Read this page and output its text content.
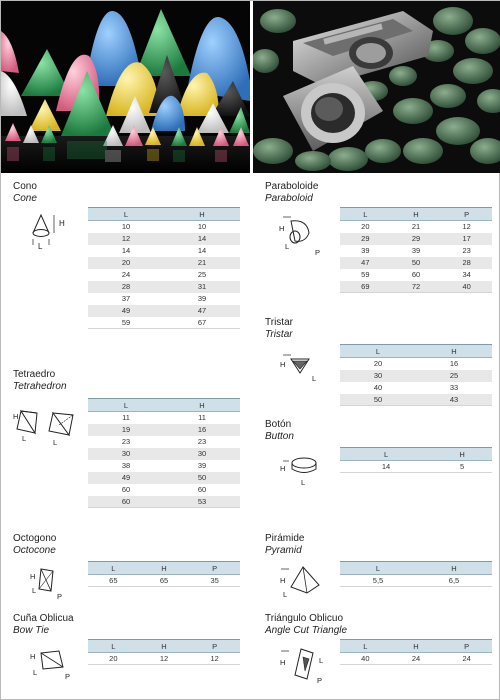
Cono
Cone
H
L
L	H
10	10
12	14
14	14
20	21
24	25
28	31
37	39
49	47
59	67
Tetraedro
Tetrahedron
H
L	L
L	H
11	11
19	16
23	23
30	30
38	39
49	50
60	60
60	53
Octogono
Octocone
H
L
P
L	H	P
65	65	35
Cuña Oblicua
Bow Tie
H
L	P
L	H	P
20	12	12
Paraboloide
Paraboloid
H
L
P
L	H	P
20	21	12
29	29	17
39	39	23
47	50	28
59	60	34
69	72	40
Tristar
Tristar
H
L
L	H
20	16
30	25
40	33
50	43
Botón
Button
H
L
L	H
14	5
Pirámide
Pyramid
H
L
L	H
5,5	6,5
Triángulo Oblicuo
Angle Cut Triangle
H	L
P
L	H	P
40	24	24
